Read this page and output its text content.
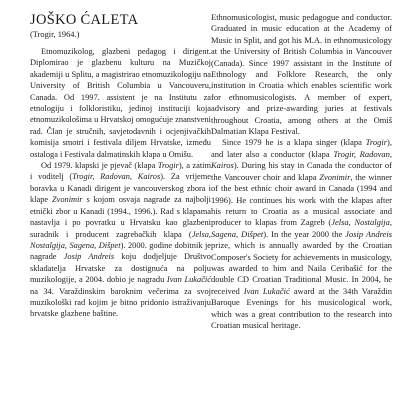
JOŠKO ĆALETA
(Trogir, 1964.)

Etnomuzikolog, glazbeni pedagog i dirigent. Diplomirao je glazbenu kulturu na Muzičkoj akademiji u Splitu, a magistrirao etnomuzikologiju na University of British Columbia u Vancouveru, Canada. Od 1997. assistent je na Institutu za etnologiju i folkloristiku, jedinoj instituciji koja etnomuzikološima u Hrvatskoj omogućuje znanstveni rad. Član je stručnih, savjetodavnih i ocjenjivačkih komisija smotri i festivala diljem Hrvatske, između ostaloga i Festivala dalmatinskih klapa u Omišu.

Od 1979. klapski je pjevač (klapa Trogir), a zatim i voditelj (Trogir, Radovan, Kairos). Za vrijeme boravka u Kanadi dirigent je vancouverskog zbora i klape Zvonimir s kojom osvaja nagrade za najbolji etnički zbor u Kanadi (1994., 1996.). Rad s klapama nastavlja i po povratku u Hrvatsku kao glazbeni suradnik i producent zagrebačkih klapa (Jelsa, Nostalgija, Sagena, Dišpet). 2000. godine dobitnik je nagrade Josip Andreis koju dodjeljuje Društvo skladatelja Hrvatske za dostignuća na polju muzikologije, a 2004. dobio je nagradu Ivan Lukačić na 34. Varaždinskim baroknim večerima za svoj muzikološki rad kojim je bitno pridonio istraživanju hrvatske glazbene baštine.

Ethnomusicologist, music pedagogue and conductor. Graduated in music education at the Academy of Music in Split, and got his M.A. in ethnomusicology at the University of British Columbia in Vancouver (Canada). Since 1997 assistant in the Institute of Ethnology and Folklore Research, the only institution in Croatia which enables scientific work for ethnomusicologists. A member of expert, advisory and prize-awarding juries at festivals throughout Croatia, among others at the Omiš Dalmatian Klapa Festival.

Since 1979 he is a klapa singer (klapa Trogir), and later also a conductor (klapa Trogir, Radovan, Kairos). During his stay in Canada the conductor of the Vancouver choir and klapa Zvonimir, the winner of the best ethnic choir award in Canada (1994 and 1996). He continues his work with the klapas after his return to Croatia as a musical associate and producer to klapas from Zagreb (Jelsa, Nostalgija, Sagena, Dišpet). In the year 2000 the Josip Andreis prize, which is annually awarded by the Croatian Composer's Society for achievements in musicology, was awarded to him and Naila Ceribašić for the double CD Croatian Traditional Music. In 2004, he received Ivan Lukačić award at the 34th Varaždin Baroque Evenings for his musicological work, which was a great contribution to the research into Croatian musical heritage.
